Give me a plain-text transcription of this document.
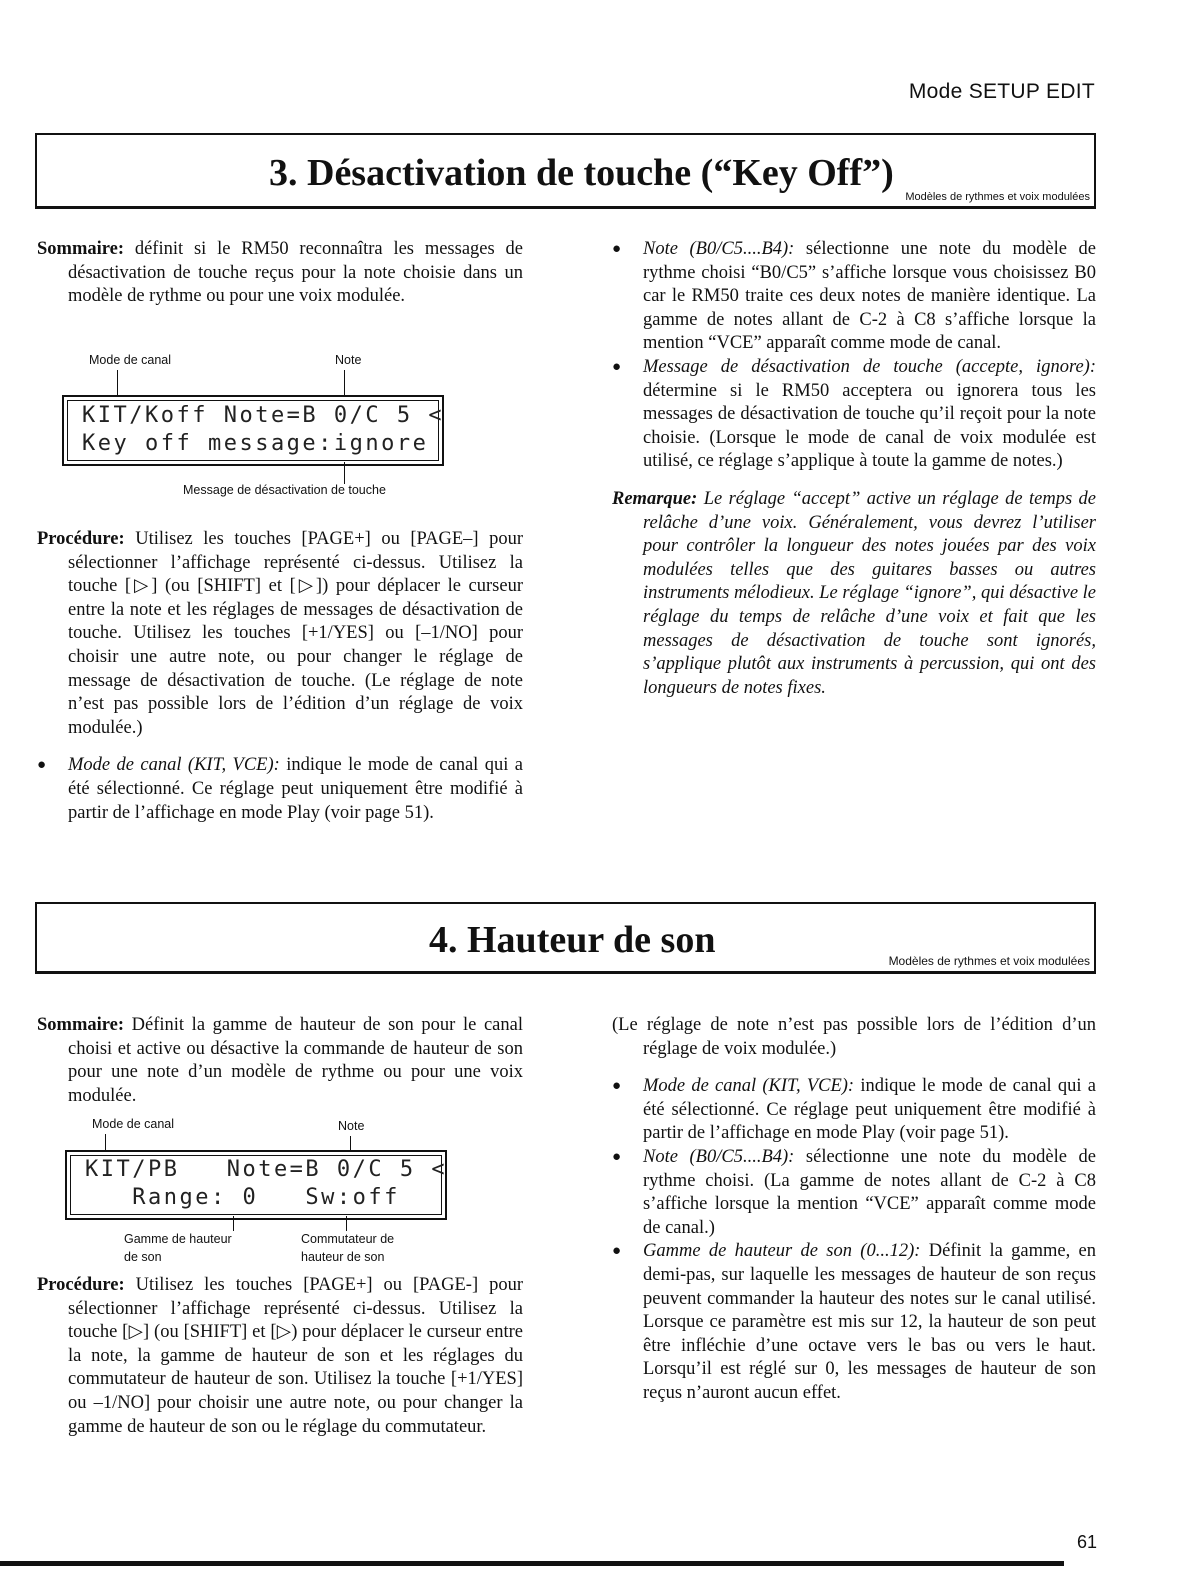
Mode SETUP EDIT
3. Désactivation de touche (“Key Off”)
Modèles de rythmes et voix modulées

Sommaire: définit si le RM50 reconnaîtra les messages de désactivation de touche reçus pour la note choisie dans un modèle de rythme ou pour une voix modulée.

Mode de canal	Note
KIT/Koff Note=B 0/C 5 <
Key off message:ignore
Message de désactivation de touche

Procédure: Utilisez les touches [PAGE+] ou [PAGE–] pour sélectionner l’affichage représenté ci-dessus. Utilisez la touche [▷] (ou [SHIFT] et [▷]) pour déplacer le curseur entre la note et les réglages de messages de désactivation de touche. Utilisez les touches [+1/YES] ou [–1/NO] pour choisir une autre note, ou pour changer le réglage de message de désactivation de touche. (Le réglage de note n’est pas possible lors de l’édition d’un réglage de voix modulée.)

● Mode de canal (KIT, VCE): indique le mode de canal qui a été sélectionné. Ce réglage peut uniquement être modifié à partir de l’affichage en mode Play (voir page 51).

● Note (B0/C5....B4): sélectionne une note du modèle de rythme choisi “B0/C5” s’affiche lorsque vous choisissez B0 car le RM50 traite ces deux notes de manière identique. La gamme de notes allant de C-2 à C8 s’affiche lorsque la mention “VCE” apparaît comme mode de canal.

● Message de désactivation de touche (accepte, ignore): détermine si le RM50 acceptera ou ignorera tous les messages de désactivation de touche qu’il reçoit pour la note choisie. (Lorsque le mode de canal de voix modulée est utilisé, ce réglage s’applique à toute la gamme de notes.)

Remarque: Le réglage “accept” active un réglage de temps de relâche d’une voix. Généralement, vous devrez l’utiliser pour contrôler la longueur des notes jouées par des voix modulées telles que des guitares basses ou autres instruments mélodieux. Le réglage “ignore”, qui désactive le réglage du temps de relâche d’une voix et fait que les messages de désactivation de touche sont ignorés, s’applique plutôt aux instruments à percussion, qui ont des longueurs de notes fixes.

4. Hauteur de son	Modèles de rythmes et voix modulées

Sommaire: Définit la gamme de hauteur de son pour le canal choisi et active ou désactive la commande de hauteur de son pour une note d’un modèle de rythme ou pour une voix modulée.

Mode de canal	Note
KIT/PB   Note=B 0/C 5 <
Range: 0   Sw:off
Gamme de hauteur
de son
Commutateur de
hauteur de son

Procédure: Utilisez les touches [PAGE+] ou [PAGE-] pour sélectionner l’affichage représenté ci-dessus. Utilisez la touche [▷] (ou [SHIFT] et [▷) pour déplacer le curseur entre la note, la gamme de hauteur de son et les réglages du commutateur de hauteur de son. Utilisez la touche [+1/YES] ou –1/NO] pour choisir une autre note, ou pour changer la gamme de hauteur de son ou le réglage du commutateur.

(Le réglage de note n’est pas possible lors de l’édition d’un réglage de voix modulée.)

● Mode de canal (KIT, VCE): indique le mode de canal qui a été sélectionné. Ce réglage peut uniquement être modifié à partir de l’affichage en mode Play (voir page 51).

● Note (B0/C5....B4): sélectionne une note du modèle de rythme choisi. (La gamme de notes allant de C-2 à C8 s’affiche lorsque la mention “VCE” apparaît comme mode de canal.)

● Gamme de hauteur de son (0...12): Définit la gamme, en demi-pas, sur laquelle les messages de hauteur de son reçus peuvent commander la hauteur des notes sur le canal utilisé. Lorsque ce paramètre est mis sur 12, la hauteur de son peut être infléchie d’une octave vers le bas ou vers le haut. Lorsqu’il est réglé sur 0, les messages de hauteur de son reçus n’auront aucun effet.

61
